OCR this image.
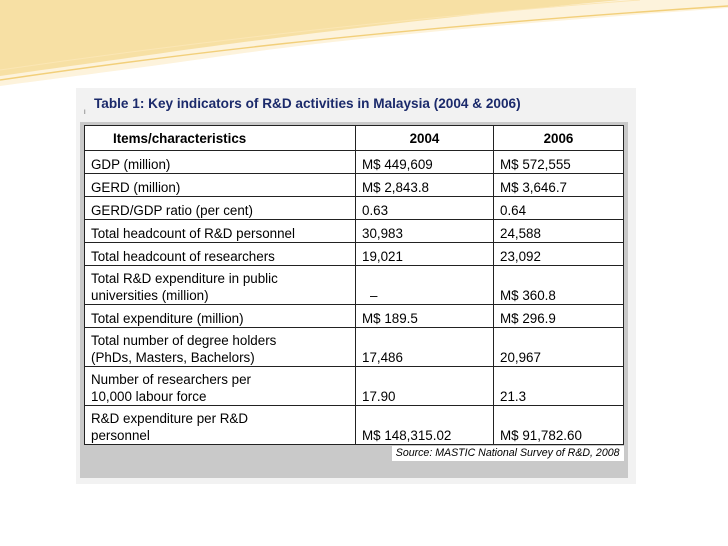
I
Table 1: Key indicators of R&D activities in Malaysia (2004 & 2006)
Items/characteristics	2004	2006
GDP (million)	M$ 449,609	M$ 572,555
GERD (million)	M$ 2,843.8	M$ 3,646.7
GERD/GDP ratio (per cent)	0.63	0.64
Total headcount of R&D personnel	30,983	24,588
Total headcount of researchers	19,021	23,092
Total R&D expenditure in public
universities (million)	–	M$ 360.8
Total expenditure (million)	M$ 189.5	M$ 296.9
Total number of degree holders
(PhDs, Masters, Bachelors)	17,486	20,967
Number of researchers per
10,000 labour force	17.90	21.3
R&D expenditure per R&D
personnel	M$ 148,315.02	M$ 91,782.60
Source: MASTIC National Survey of R&D, 2008		
